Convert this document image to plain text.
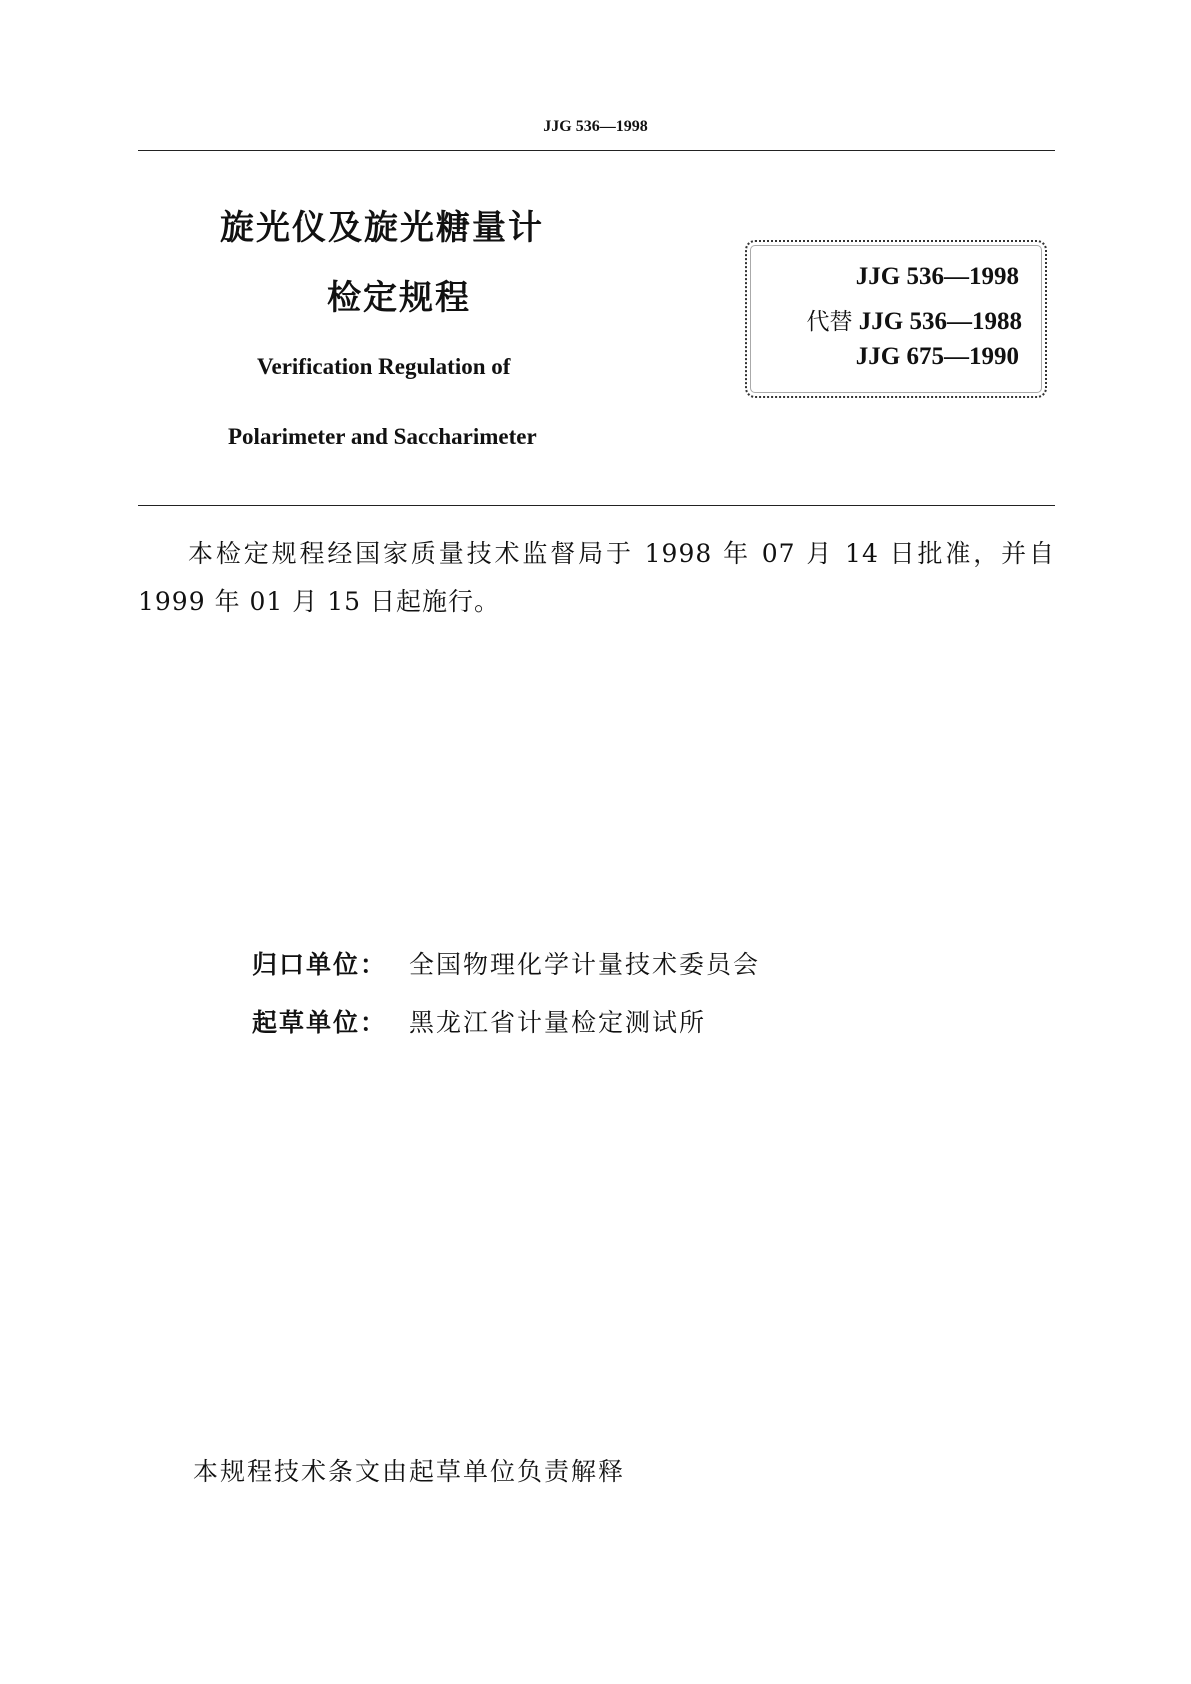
JJG 536—1998
旋光仪及旋光糖量计
检定规程
Verification Regulation of
Polarimeter and Saccharimeter
JJG 536—1998
代替 JJG 536—1988
JJG 675—1990
本检定规程经国家质量技术监督局于 1998 年 07 月 14 日批准，并自 1999 年 01 月 15 日起施行。
归口单位： 全国物理化学计量技术委员会
起草单位： 黑龙江省计量检定测试所
本规程技术条文由起草单位负责解释
